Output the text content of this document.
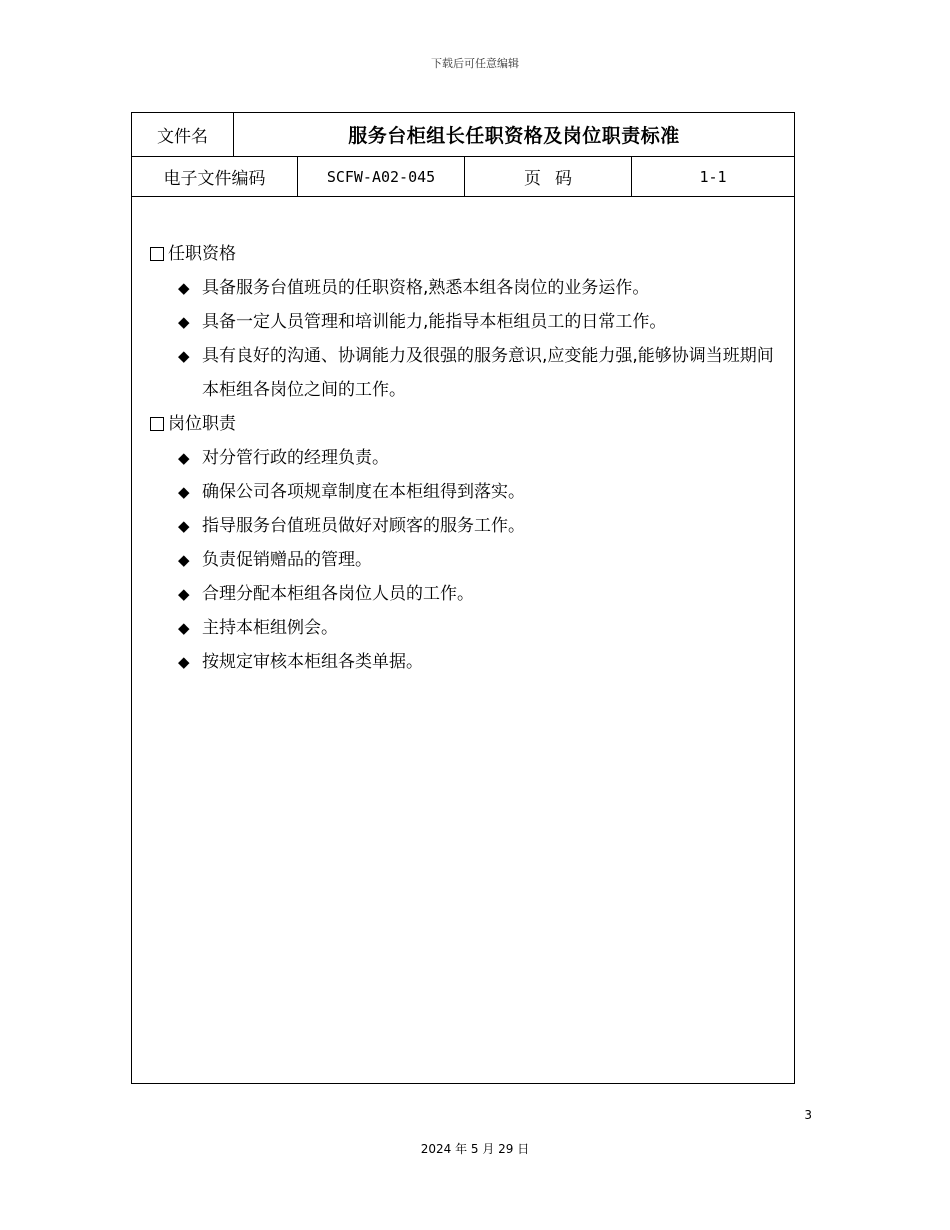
下载后可任意编辑
文件名	服务台柜组长任职资格及岗位职责标准
电子文件编码	SCFW-A02-045	页码	1-1
任职资格
◆ 具备服务台值班员的任职资格,熟悉本组各岗位的业务运作。
◆ 具备一定人员管理和培训能力,能指导本柜组员工的日常工作。
◆ 具有良好的沟通、协调能力及很强的服务意识,应变能力强,能够协调当班期间本柜组各岗位之间的工作。
岗位职责
◆ 对分管行政的经理负责。
◆ 确保公司各项规章制度在本柜组得到落实。
◆ 指导服务台值班员做好对顾客的服务工作。
◆ 负责促销赠品的管理。
◆ 合理分配本柜组各岗位人员的工作。
◆ 主持本柜组例会。
◆ 按规定审核本柜组各类单据。
3
2024 年 5 月 29 日
